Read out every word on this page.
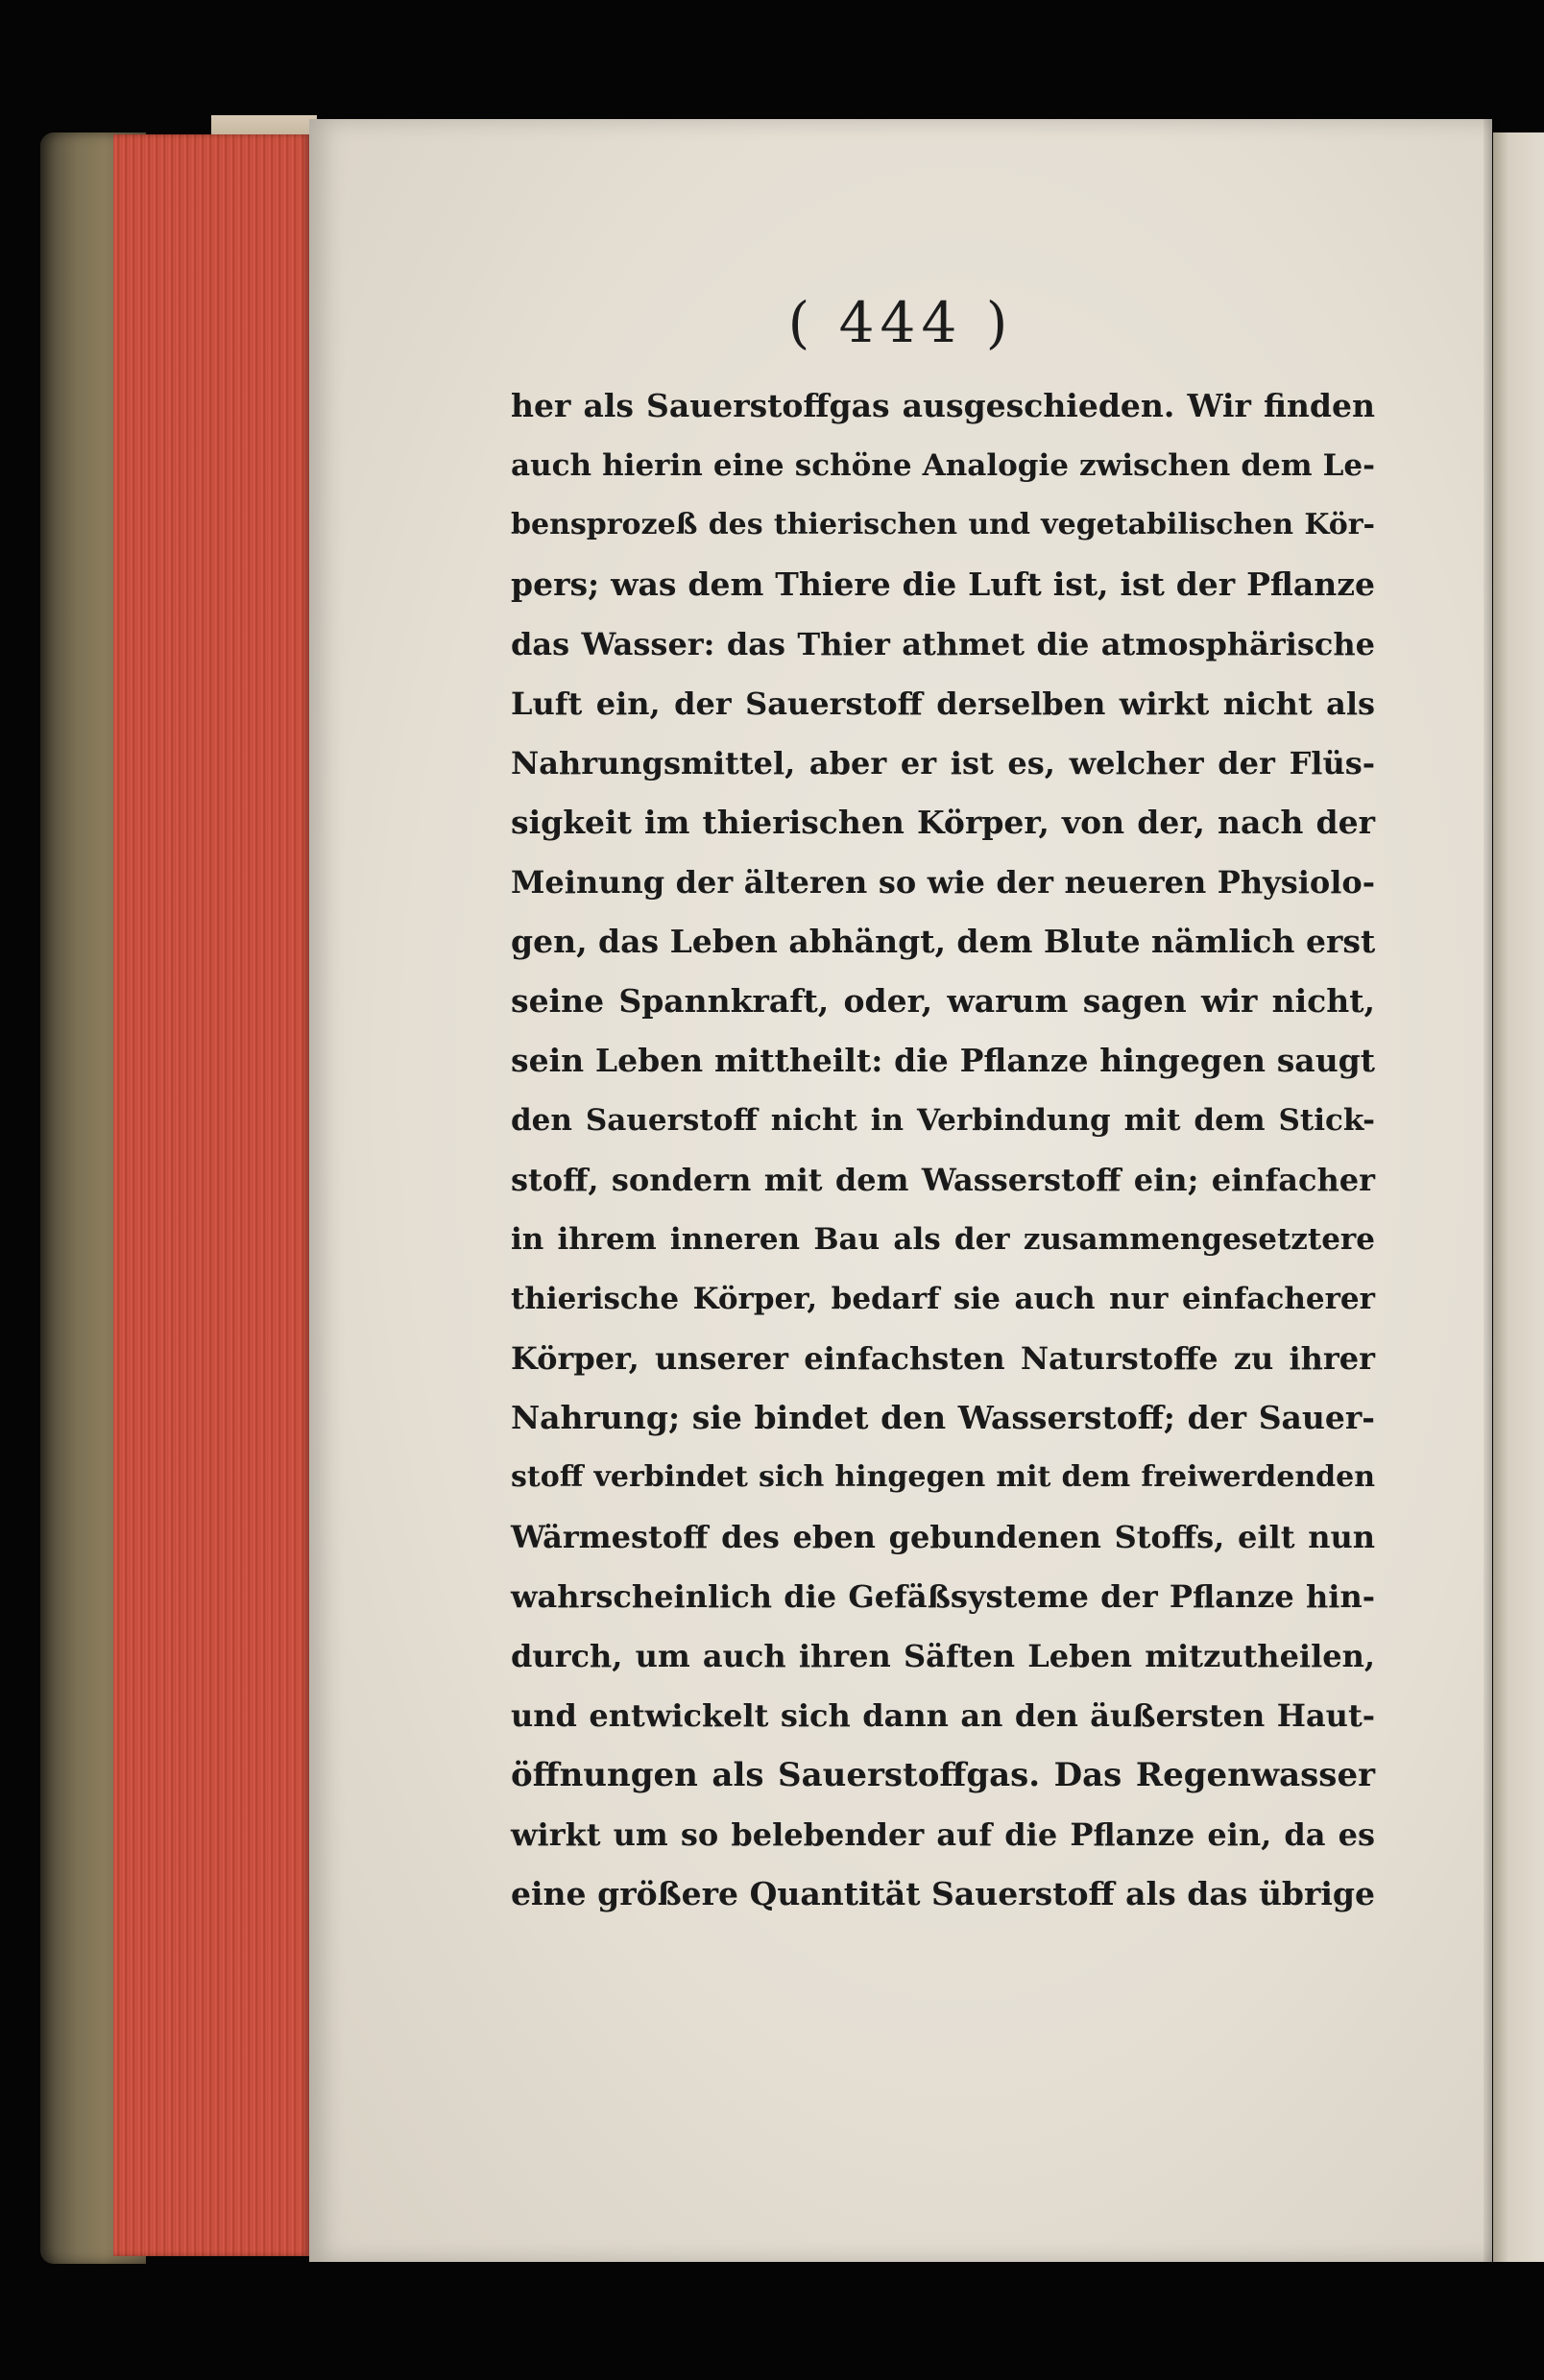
( 444 )
her als Sauerstoffgas ausgeschieden. Wir finden
auch hierin eine schöne Analogie zwischen dem Le-
bensprozeß des thierischen und vegetabilischen Kör-
pers; was dem Thiere die Luft ist, ist der Pflanze
das Wasser: das Thier athmet die atmosphärische
Luft ein, der Sauerstoff derselben wirkt nicht als
Nahrungsmittel, aber er ist es, welcher der Flüs-
sigkeit im thierischen Körper, von der, nach der
Meinung der älteren so wie der neueren Physiolo-
gen, das Leben abhängt, dem Blute nämlich erst
seine Spannkraft, oder, warum sagen wir nicht,
sein Leben mittheilt: die Pflanze hingegen saugt
den Sauerstoff nicht in Verbindung mit dem Stick-
stoff, sondern mit dem Wasserstoff ein; einfacher
in ihrem inneren Bau als der zusammengesetztere
thierische Körper, bedarf sie auch nur einfacherer
Körper, unserer einfachsten Naturstoffe zu ihrer
Nahrung; sie bindet den Wasserstoff; der Sauer-
stoff verbindet sich hingegen mit dem freiwerdenden
Wärmestoff des eben gebundenen Stoffs, eilt nun
wahrscheinlich die Gefäßsysteme der Pflanze hin-
durch, um auch ihren Säften Leben mitzutheilen,
und entwickelt sich dann an den äußersten Haut-
öffnungen als Sauerstoffgas. Das Regenwasser
wirkt um so belebender auf die Pflanze ein, da es
eine größere Quantität Sauerstoff als das übrige
